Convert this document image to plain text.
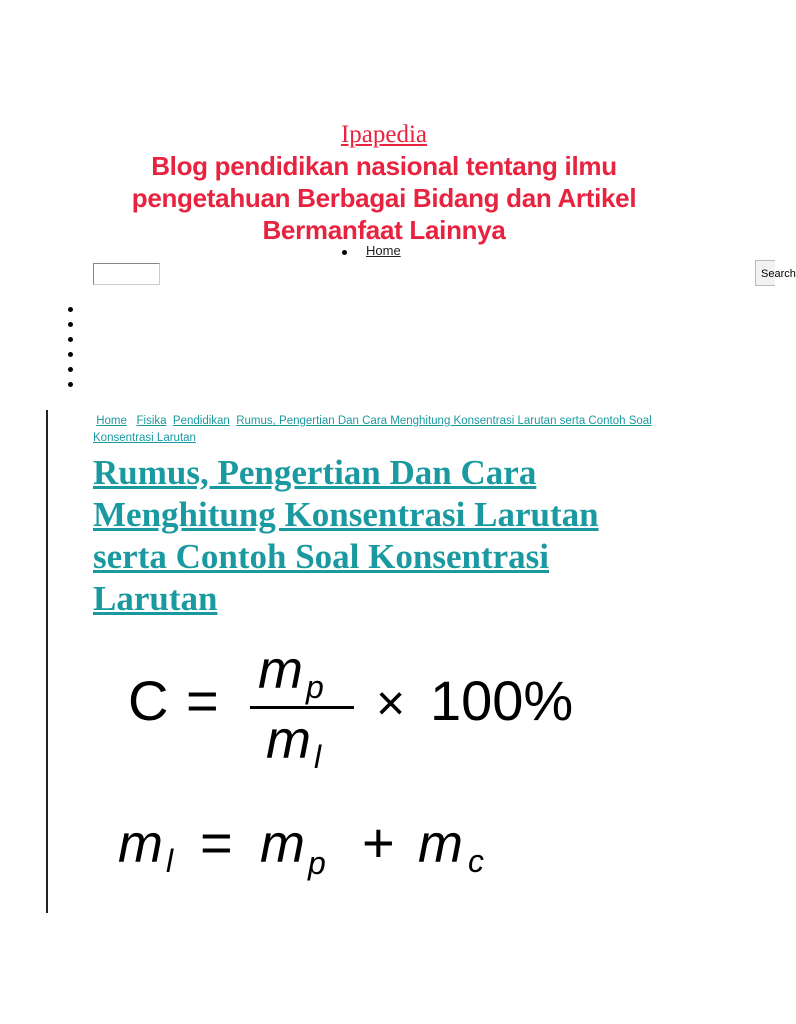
Ipapedia
Blog pendidikan nasional tentang ilmu pengetahuan Berbagai Bidang dan Artikel Bermanfaat Lainnya
Home
Search
Home Fisika Pendidikan Rumus, Pengertian Dan Cara Menghitung Konsentrasi Larutan serta Contoh Soal Konsentrasi Larutan
Rumus, Pengertian Dan Cara Menghitung Konsentrasi Larutan serta Contoh Soal Konsentrasi Larutan
C = m p
m l
× 100%
m l = m p + m c
